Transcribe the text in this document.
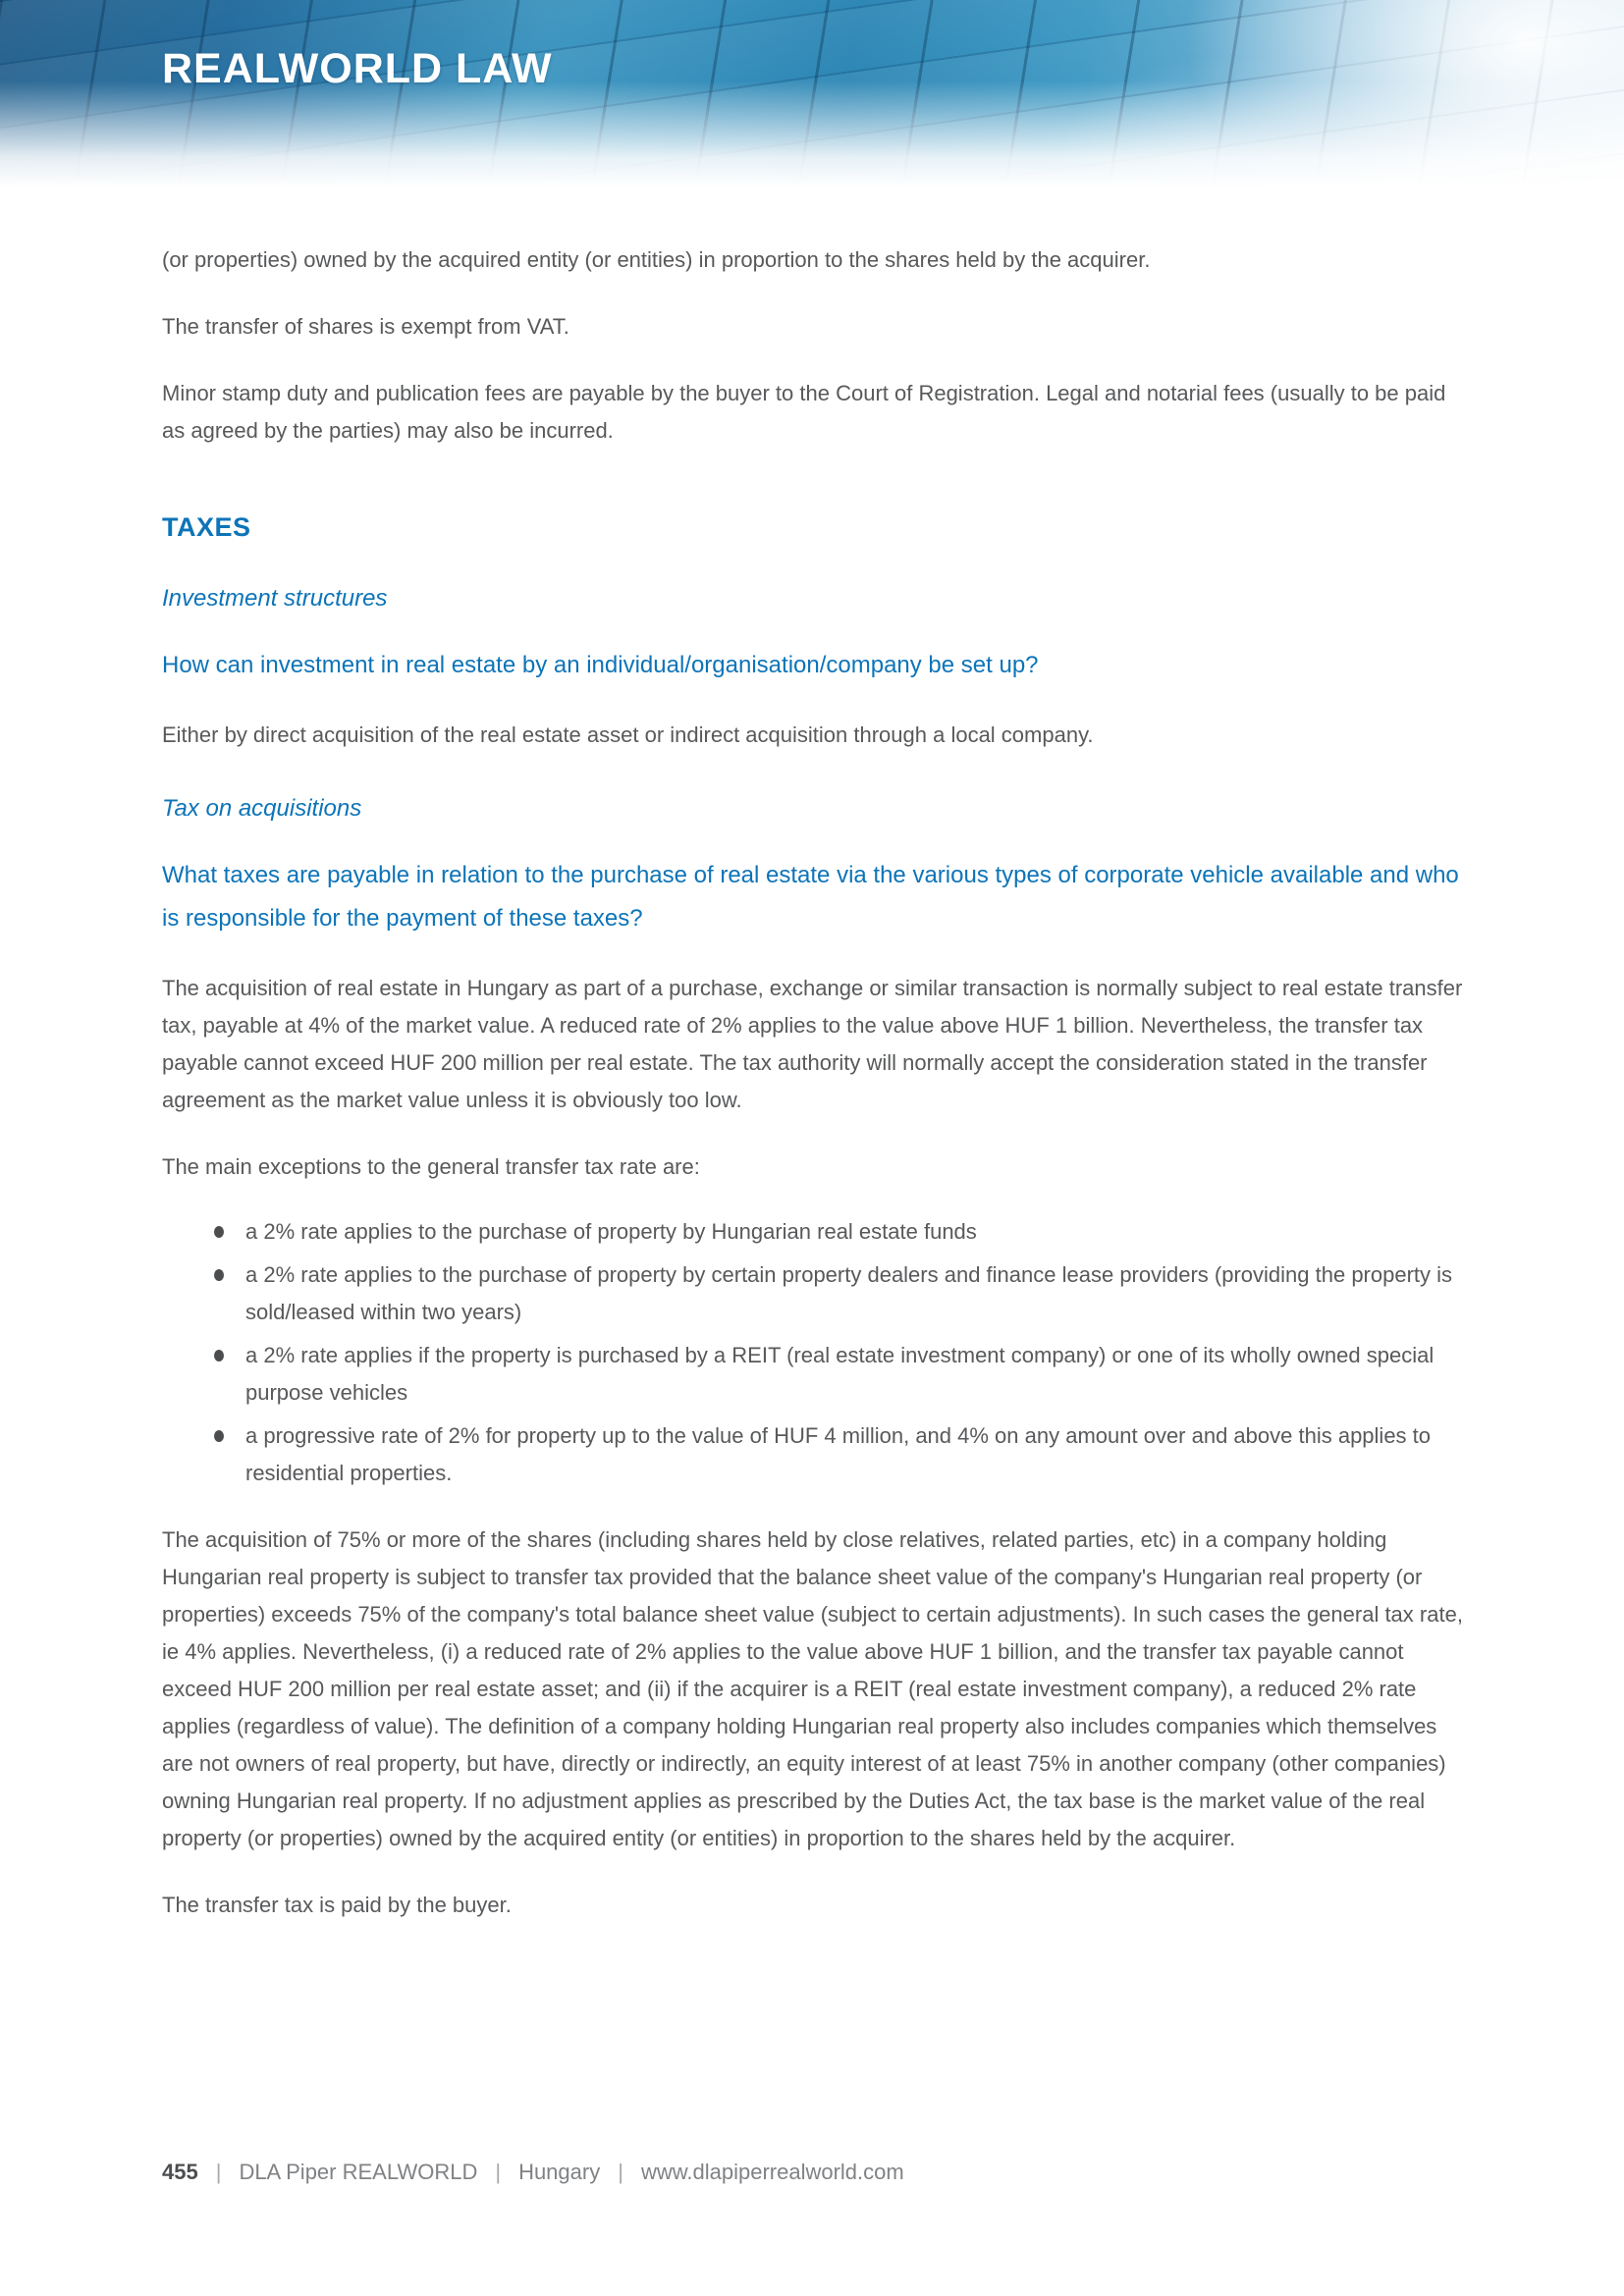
REALWORLD LAW

(or properties) owned by the acquired entity (or entities) in proportion to the shares held by the acquirer.

The transfer of shares is exempt from VAT.

Minor stamp duty and publication fees are payable by the buyer to the Court of Registration. Legal and notarial fees (usually to be paid as agreed by the parties) may also be incurred.

TAXES
Investment structures

How can investment in real estate by an individual/organisation/company be set up?

Either by direct acquisition of the real estate asset or indirect acquisition through a local company.

Tax on acquisitions

What taxes are payable in relation to the purchase of real estate via the various types of corporate vehicle available and who is responsible for the payment of these taxes?

The acquisition of real estate in Hungary as part of a purchase, exchange or similar transaction is normally subject to real estate transfer tax, payable at 4% of the market value. A reduced rate of 2% applies to the value above HUF 1 billion. Nevertheless, the transfer tax payable cannot exceed HUF 200 million per real estate. The tax authority will normally accept the consideration stated in the transfer agreement as the market value unless it is obviously too low.

The main exceptions to the general transfer tax rate are:

a 2% rate applies to the purchase of property by Hungarian real estate funds
a 2% rate applies to the purchase of property by certain property dealers and finance lease providers (providing the property is sold/leased within two years)
a 2% rate applies if the property is purchased by a REIT (real estate investment company) or one of its wholly owned special purpose vehicles
a progressive rate of 2% for property up to the value of HUF 4 million, and 4% on any amount over and above this applies to residential properties.

The acquisition of 75% or more of the shares (including shares held by close relatives, related parties, etc) in a company holding Hungarian real property is subject to transfer tax provided that the balance sheet value of the company's Hungarian real property (or properties) exceeds 75% of the company's total balance sheet value (subject to certain adjustments). In such cases the general tax rate, ie 4% applies. Nevertheless, (i) a reduced rate of 2% applies to the value above HUF 1 billion, and the transfer tax payable cannot exceed HUF 200 million per real estate asset; and (ii) if the acquirer is a REIT (real estate investment company), a reduced 2% rate applies (regardless of value). The definition of a company holding Hungarian real property also includes companies which themselves are not owners of real property, but have, directly or indirectly, an equity interest of at least 75% in another company (other companies) owning Hungarian real property. If no adjustment applies as prescribed by the Duties Act, the tax base is the market value of the real property (or properties) owned by the acquired entity (or entities) in proportion to the shares held by the acquirer.

The transfer tax is paid by the buyer.

455 | DLA Piper REALWORLD | Hungary | www.dlapiperrealworld.com
